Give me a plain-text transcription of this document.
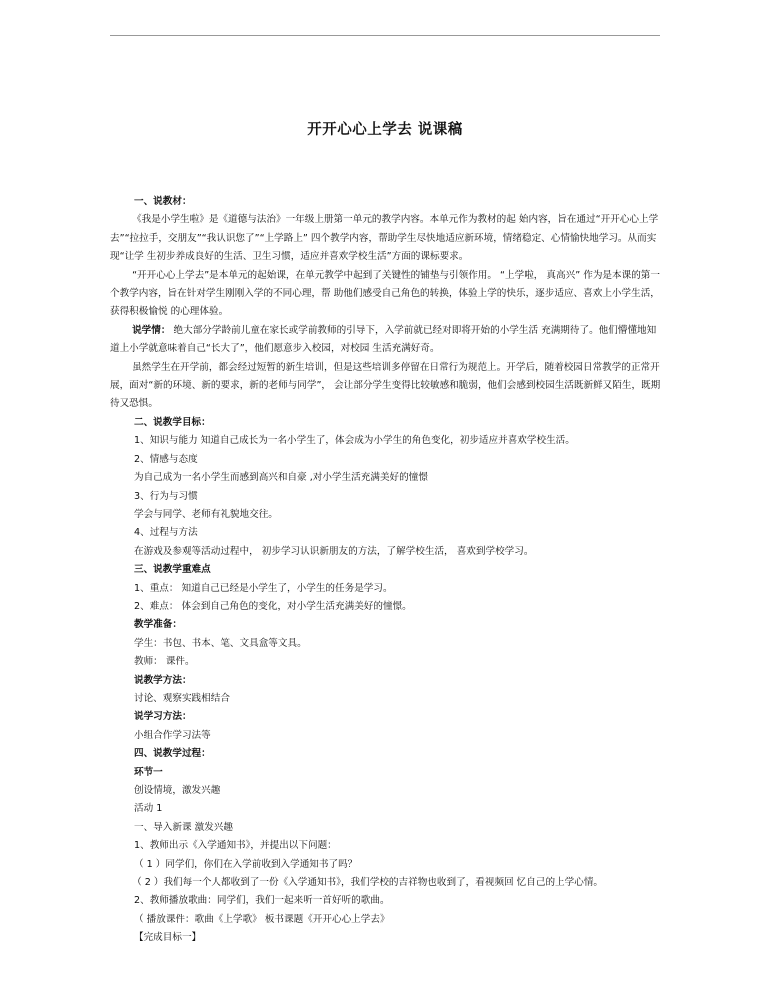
开开心心上学去 说课稿

一、说教材：

《我是小学生啦》是《道德与法治》一年级上册第一单元的教学内容。本单元作为教材的起 始内容，旨在通过“开开心心上学去”“拉拉手，交朋友”“我认识您了”“上学路上” 四个教学内容，帮助学生尽快地适应新环境，情绪稳定、心情愉快地学习。从而实现“让学 生初步养成良好的生活、卫生习惯，适应并喜欢学校生活”方面的课标要求。

“开开心心上学去”是本单元的起始课，在单元教学中起到了关键性的铺垫与引领作用。 “上学啦， 真高兴” 作为是本课的第一个教学内容，旨在针对学生刚刚入学的不同心理，帮 助他们感受自己角色的转换，体验上学的快乐，逐步适应、喜欢上小学生活，获得积极愉悦 的心理体验。

说学情： 绝大部分学龄前儿童在家长或学前教师的引导下，入学前就已经对即将开始的小学生活 充满期待了。他们懵懂地知道上小学就意味着自己“长大了”，他们愿意步入校园，对校园 生活充满好奇。

虽然学生在开学前，都会经过短暂的新生培训，但是这些培训多停留在日常行为规范上。开学后，随着校园日常教学的正常开展，面对“新的环境、新的要求，新的老师与同学”， 会让部分学生变得比较敏感和脆弱，他们会感到校园生活既新鲜又陌生，既期待又恐惧。

二、说教学目标：

1、知识与能力 知道自己成长为一名小学生了，体会成为小学生的角色变化，初步适应并喜欢学校生活。

2、情感与态度

为自己成为一名小学生而感到高兴和自豪 ,对小学生活充满美好的憧憬

3、行为与习惯

学会与同学、老师有礼貌地交往。

4、过程与方法

在游戏及参观等活动过程中， 初步学习认识新朋友的方法，了解学校生活， 喜欢到学校学习。

三、说教学重难点

1、重点： 知道自己已经是小学生了，小学生的任务是学习。

2、难点： 体会到自己角色的变化，对小学生活充满美好的憧憬。

教学准备：

学生：书包、书本、笔、文具盒等文具。

教师： 课件。

说教学方法：

讨论、观察实践相结合

说学习方法：

小组合作学习法等

四、说教学过程：

环节一

创设情境，激发兴趣

活动 1

一、导入新课 激发兴趣

1、教师出示《入学通知书》，并提出以下问题：

（ 1 ）同学们，你们在入学前收到入学通知书了吗？

（ 2 ）我们每一个人都收到了一份《入学通知书》，我们学校的吉祥物也收到了，看视频回 忆自己的上学心情。

2、教师播放歌曲：同学们，我们一起来听一首好听的歌曲。

（ 播放课件：歌曲《上学歌》 板书课题《开开心心上学去》

【完成目标一】
